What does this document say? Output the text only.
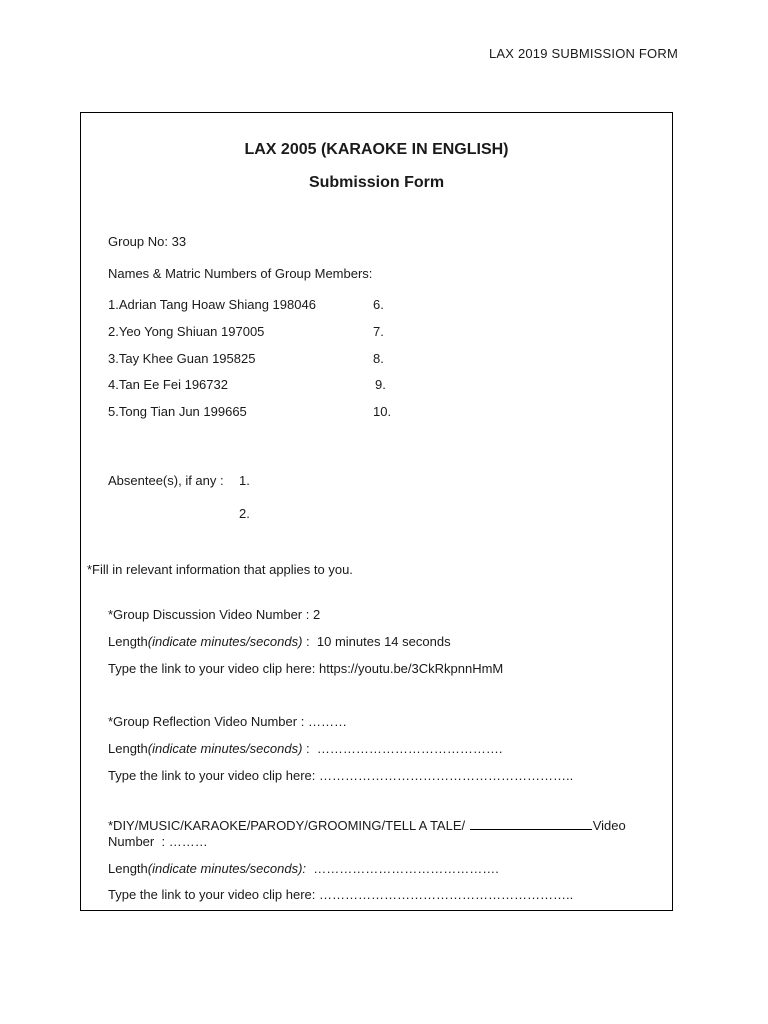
LAX 2019 SUBMISSION FORM
LAX 2005 (KARAOKE IN ENGLISH)
Submission Form
Group No: 33
Names & Matric Numbers of Group Members:
1.Adrian Tang Hoaw Shiang 198046
2.Yeo Yong Shiuan 197005
3.Tay Khee Guan 195825
4.Tan Ee Fei 196732
5.Tong Tian Jun 199665
6.
7.
8.
9.
10.
Absentee(s), if any : 1.
2.
*Fill in relevant information that applies to you.
*Group Discussion Video Number : 2
Length(indicate minutes/seconds) : 10 minutes 14 seconds
Type the link to your video clip here: https://youtu.be/3CkRkpnnHmM
*Group Reflection Video Number : ………
Length(indicate minutes/seconds) : …………………………………….
Type the link to your video clip here: …………………………………………………..
*DIY/MUSIC/KARAOKE/PARODY/GROOMING/TELL A TALE/	Video
Number : ………
Length(indicate minutes/seconds): …………………………………….
Type the link to your video clip here: …………………………………………………..
